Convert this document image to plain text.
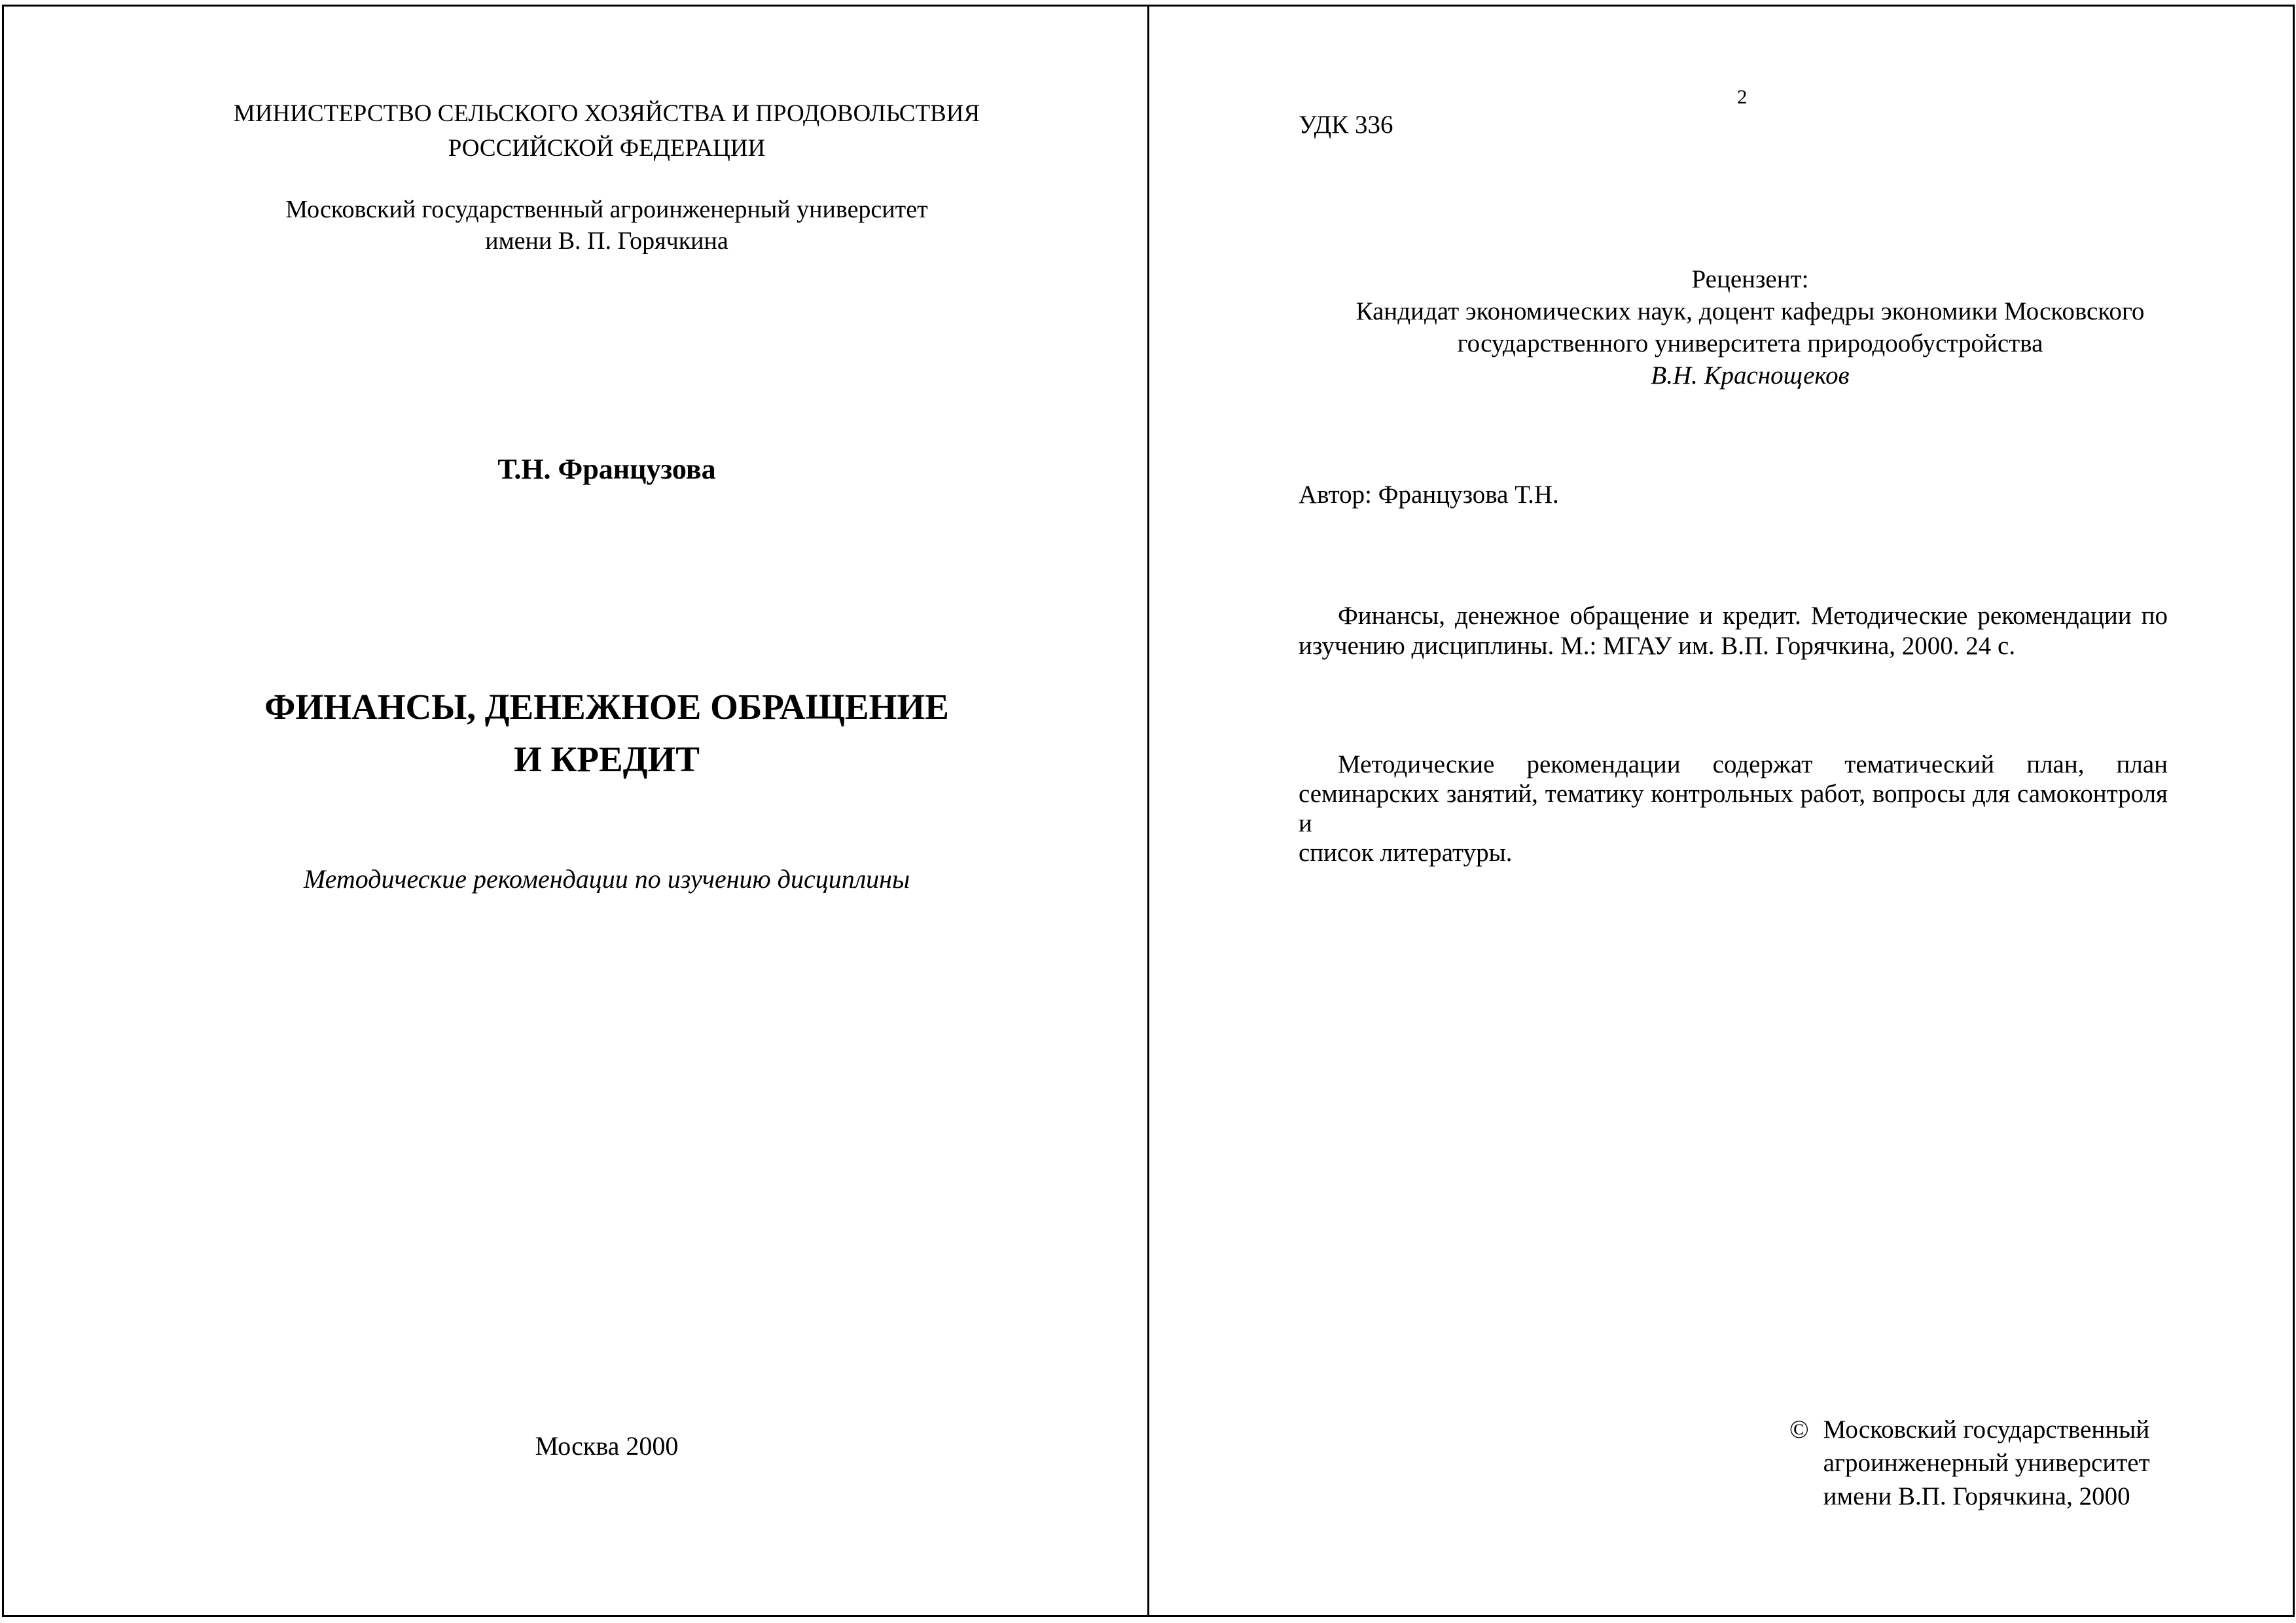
МИНИСТЕРСТВО СЕЛЬСКОГО ХОЗЯЙСТВА И ПРОДОВОЛЬСТВИЯ
РОССИЙСКОЙ ФЕДЕРАЦИИ
Московский государственный агроинженерный университет
имени В. П. Горячкина
Т.Н. Французова
ФИНАНСЫ, ДЕНЕЖНОЕ ОБРАЩЕНИЕ
И КРЕДИТ
Методические рекомендации по изучению дисциплины
Москва 2000
2
УДК 336
Рецензент:
Кандидат экономических наук, доцент кафедры экономики Московского
государственного университета природообустройства
В.Н. Краснощеков
Автор: Французова Т.Н.
Финансы, денежное обращение и кредит. Методические рекомендации по
изучению дисциплины. М.: МГАУ им. В.П. Горячкина, 2000. 24 с.
Методические рекомендации содержат тематический план, план
семинарских занятий, тематику контрольных работ, вопросы для самоконтроля и
список литературы.
© Московский государственный
агроинженерный университет
имени В.П. Горячкина, 2000
